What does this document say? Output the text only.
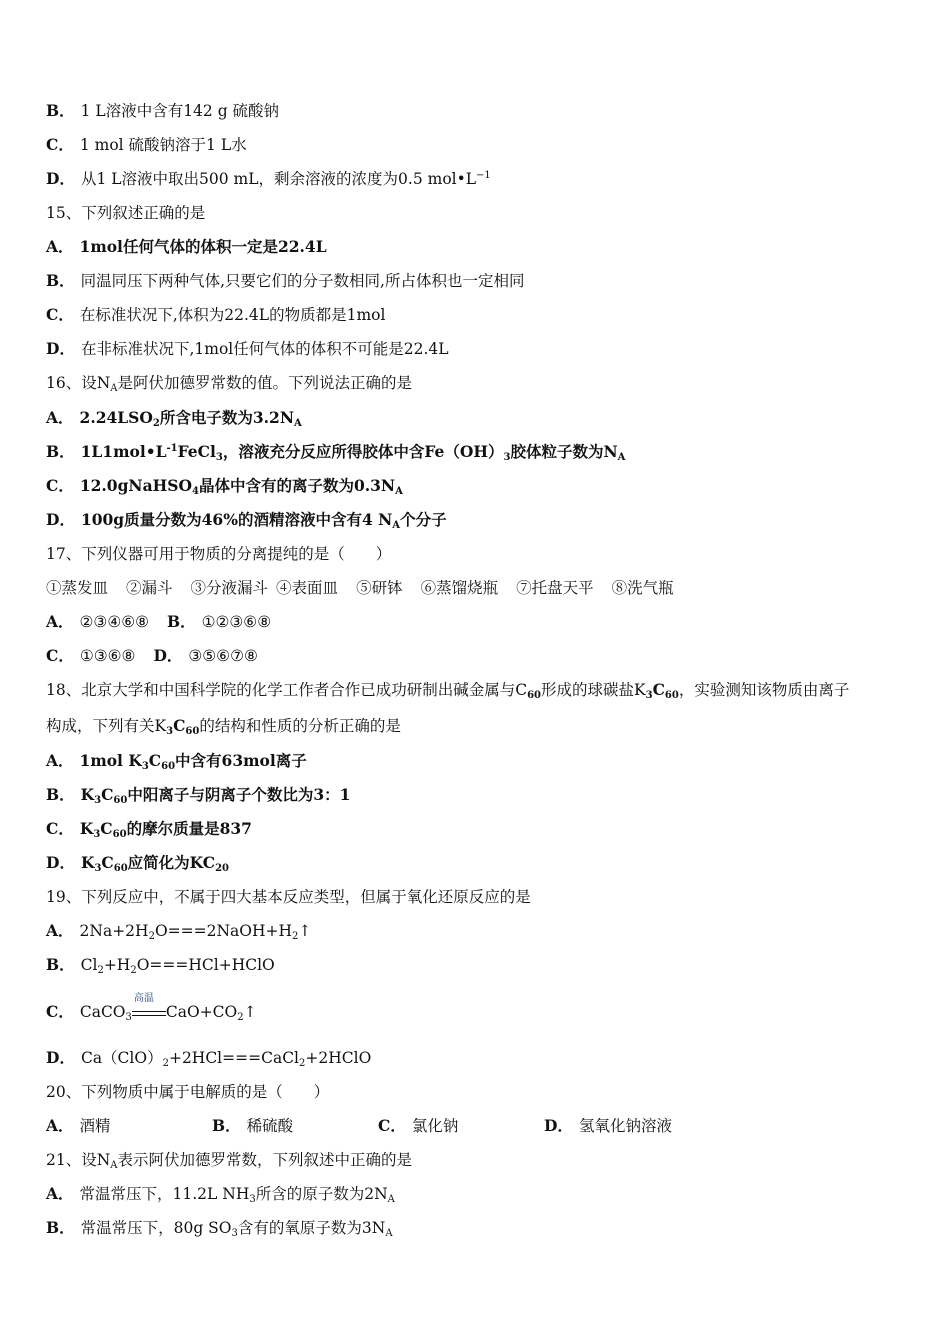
B． 1 L溶液中含有142 g 硫酸钠
C． 1 mol 硫酸钠溶于1 L水
D． 从1 L溶液中取出500 mL，剩余溶液的浓度为0.5 $mol•L^{-1}$
15、下列叙述正确的是
A． 1mol任何气体的体积一定是22.4L
B． 同温同压下两种气体,只要它们的分子数相同,所占体积也一定相同
C． 在标准状况下,体积为22.4L的物质都是1mol
D． 在非标准状况下,1mol任何气体的体积不可能是22.4L
16、设$N_A$是阿伏加德罗常数的值。下列说法正确的是
A． $2.24LSO_2$所含电子数为$3.2N_A$
B． $1L1mol•L^{-1}FeCl_3$，溶液充分反应所得胶体中含$Fe(OH)_3$胶体粒子数为$N_A$
C． 12.0gNaHSO$_4$晶体中含有的离子数为$0.3N_A$
D． 100g质量分数为46%的酒精溶液中含有4 $N_A$个分子
17、下列仪器可用于物质的分离提纯的是（　　）
①蒸发皿 ②漏斗 ③分液漏斗 ④表面皿 ⑤研钵 ⑥蒸馏烧瓶 ⑦托盘天平 ⑧洗气瓶
A． ②③④⑥⑧ B． ①②③⑥⑧
C． ①③⑥⑧ D． ③⑤⑥⑦⑧
18、北京大学和中国科学院的化学工作者合作已成功研制出碱金属与$C_{60}$形成的球碳盐$K_3C_{60}$，实验测知该物质由离子
构成，下列有关$K_3C_{60}$的结构和性质的分析正确的是
A． 1mol $K_3C_{60}$中含有63mol离子
B． $K_3C_{60}$中阳离子与阴离子个数比为3：1
C． $K_3C_{60}$的摩尔质量是837
D． $K_3C_{60}$应简化为$KC_{20}$
19、下列反应中，不属于四大基本反应类型，但属于氧化还原反应的是
A． $2Na+2H_2O===2NaOH+H_2↑$
B． $Cl_2+H_2O===HCl+HClO$
C． CaCO$_3$
高温
$CaO+CO_2↑$
D． $Ca(ClO)_2+2HCl===CaCl_2+2HClO$
20、下列物质中属于电解质的是（　　）
A． 酒精	B． 稀硫酸	C． 氯化钠	D． 氢氧化钠溶液
21、设$N_A$表示阿伏加德罗常数，下列叙述中正确的是
A． 常温常压下，11.2L $NH_3$所含的原子数为$2N_A$
B． 常温常压下，80g $SO_3$含有的氧原子数为$3N_A$
